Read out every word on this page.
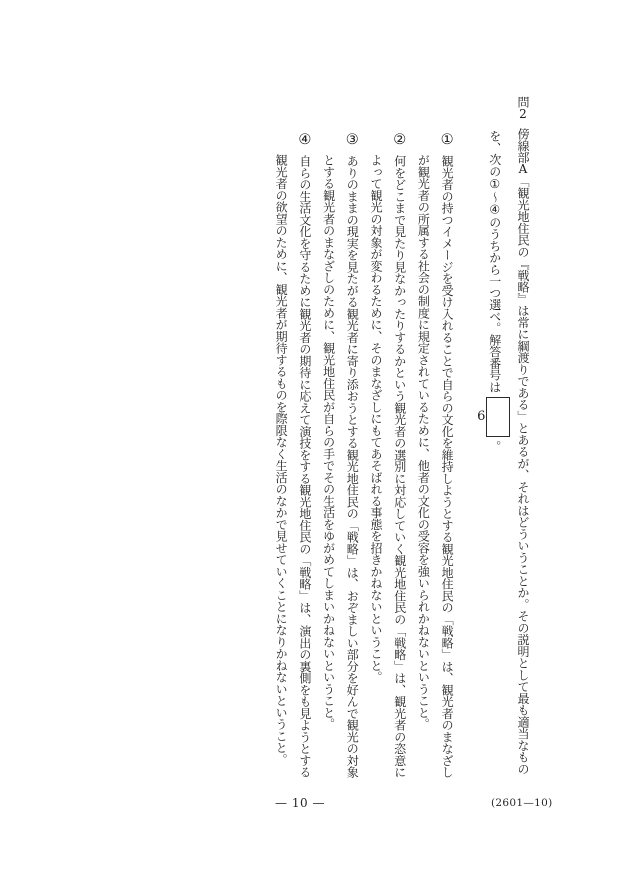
問2傍線部A「観光地住民の『戦略』は常に綱渡りである」とあるが、それはどういうことか。その説明として最も適当なものを、次の①～④のうちから一つ選べ。解答番号は6。
①観光者の持つイメージを受け入れることで自らの文化を維持しようとする観光地住民の「戦略」は、観光者のまなざしが観光者の所属する社会の制度に規定されているために、他者の文化の受容を強いられかねないということ。
②何をどこまで見たり見なかったりするかという観光者の選別に対応していく観光地住民の「戦略」は、観光者の恣意によって観光の対象が変わるために、そのまなざしにもてあそばれる事態を招きかねないということ。
③ありのままの現実を見たがる観光者に寄り添おうとする観光地住民の「戦略」は、おぞましい部分を好んで観光の対象とする観光者のまなざしのために、観光地住民が自らの手でその生活をゆがめてしまいかねないということ。
④自らの生活文化を守るために観光者の期待に応えて演技をする観光地住民の「戦略」は、演出の裏側をも見ようとする観光者の欲望のために、観光者が期待するものを際限なく生活のなかで見せていくことになりかねないということ。
— 10 —	(2601—10)
